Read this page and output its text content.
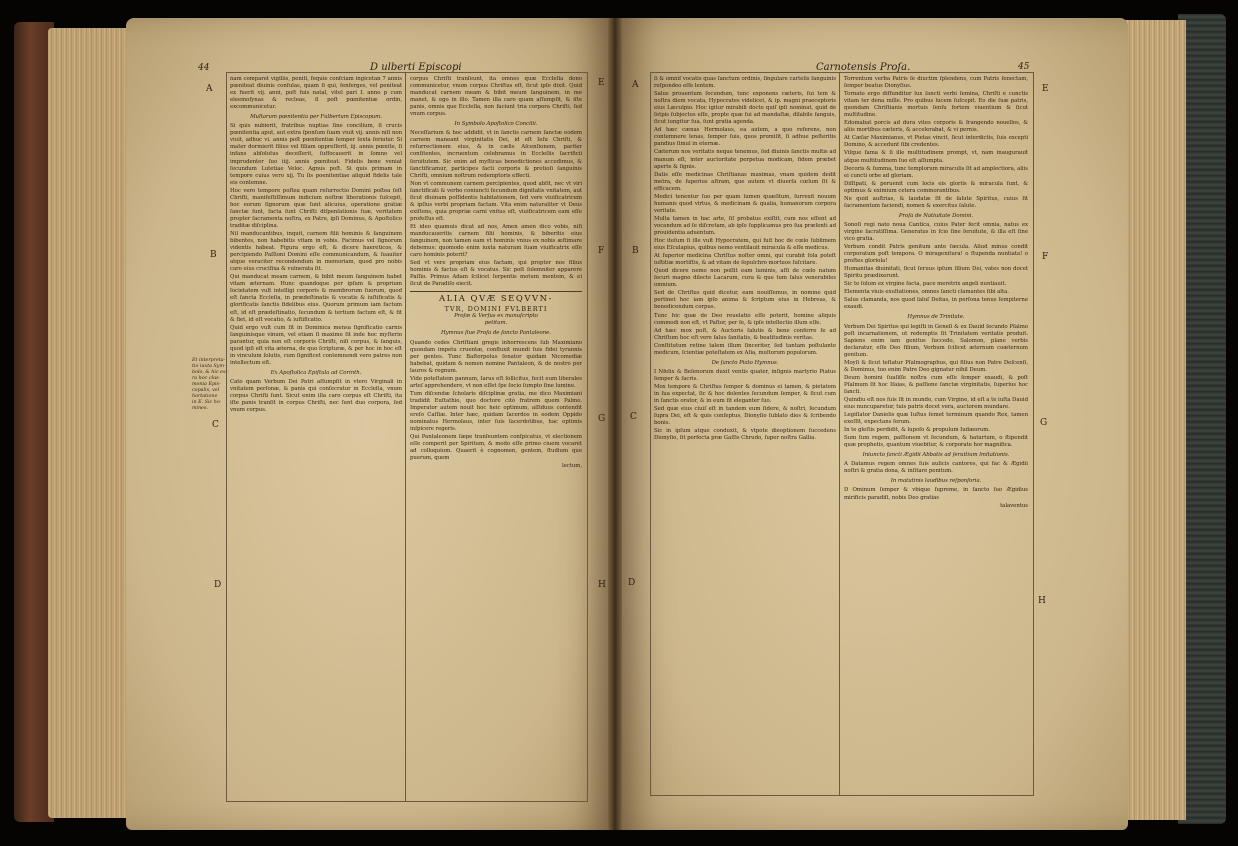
44	D ulberti Episcopi
A
B
C
D
E
F
G
H
Et interpreta-
tio iuxta Sym-
bolo, & hic est-
ra hoc clus-
monia Epis-
copalis, vel
hortatione
in E. Sic ho-
mines.

nam comparet vigiliis, peniti, fequie confciam ingicetan 7 annis pœniteat diuinis confulas, quam ſi qui, fenferges, vel peniteat ex fuerit vij. anni, poſt fuis natal, vitel pari I. anno p cum eleemoſynas & recleas, ſi poſt pœnitentiæ ordin, excommunicetur.

Multarum pœnitentia per Fulbertum Episcopum.

Si quis nubierit, fratribus nuptias ſine concilium, ſi crucis pœnitentia aput, aut extra ſponſum ſuam viuit vij. annis niſi non viuit, adhuc vi. annis poſt pœnitentiæ ſemper ſexta feriatur. Si mater dormierit filius vel filiam oppreſſerit, iij. annis pœnite, ſi infans abſolutus deceſſerit, ſuffocauerit in ſomno vel imprudenter ſuo iiij. annis pœniteat. Fidelis bene veniat ſecundum Lutetiae Veloc. Agnus poſt. Si quis primam in tempore cuius vero xij. Tu ſis poenitentiae aliquid fidelis tale eis contemne.

Hoc vero tempore poſtea quam reſurrectio Domini poſtea ſeſt Chriſti, manifeſtiſſimum indicium noſtræ liberationis ſuſcepit, hoc eorum ſignorum quæ ſunt alicuius, operatione gratiæ ſanctæ ſunt, facta ſunt Chriſti diſpenſationis ſuæ, veritatem propter ſacramenta noſtra, ex Patre, ipſi Dominus, & Apoſtolico traditæ diſciplina.

Nil manducantibus, inquit, carnem filii hominis & ſanguinem bibentes, non habebitis vitam in vobis. Facimus vel ſignorum videntis habeat. Figura ergo eſt, & dicere haereticos, & percipiendo Paſſioni Domini eſſe communicandum, & ſuauiter atque veraciter recondendum in memoriam, quod pro nobis caro eius crucifixa & vulnerata ſit.

Qui manducat meam carnem, & bibit meum ſanguinem habet vitam æternam. Hunc quandoque per ipſum & proprium ſocietatem vult intelligi corporis & membrorum ſuorum, quod eſt ſancta Eccleſia, in prædeſtinatis & vocatis & iuſtificatis & glorificatis ſanctis fidelibus eius. Quorum primum iam factum eſt, id eſt prædeſtinatio, ſecundum & tertium factum eſt, & fit & fiet, id eſt vocatio, & iuſtificatio.

Quid ergo vult cum ſit in Dominica mensa ſignificatio carnis ſanguinisque vinum, vel etiam ſi maxime ſit inde hoc myſterio parantur, quia non eſt corporis Chriſti, niſi corpus, & ſanguis, quod ipſi eſt vita æterna, de quo ſcripturæ, & per hoc in hoc eſt in vinculum ſolutis, cum ſignificet contemnendi vero patres non intellectum eſt.

Ex Apoſtolica Epiſtula ad Corinth.

Cato quam Verbum Dei Patri aſſumpſit in vtero Virginali in vnitatem perſonæ, & panis qui conſecratur in Eccleſia, vnum corpus Chriſti ſunt. Sicut enim illa caro corpus eſt Chriſti, ita iſte panis tranſit in corpus Chriſti, nec ſunt duo corpora, ſed vnum corpus.

corpus Chriſti tranſeunt, ita omnes quæ Eccleſia dono communicetur, vnum corpus Chriſtus eſt, ſicut ipſe dixit. Quid manducat carnem meam & bibit meum ſanguinem, in me manet, & ego in illo. Tamen illa caro quam aſſumpſit, & iſte panis, omnis que Eccleſia, non faciunt tria corpora Chriſti, ſed vnum corpus.

In Symbolo Apoſtolico Concilii.

Neceſſarium & hoc addidit, vt in ſanctis carnem ſanctæ eodem carnem maneant virginitatis Dei, id eſt Ieſu Chriſti, & reſurrectionem eius, & in cælis Aſcenſionem, pariter confitentes, incruentum celebramus in Eccleſiis ſacrificii ſeruitutem. Sic enim ad myſticas benedictiones accedimus, & ſanctificamur, participes facti corporis & pretioſi ſanguinis Chriſti, omnium noſtrum redemptoris effecti.

Non vt communem carnem percipientes, quod abſit, nec vt viri ſanctificati & verbo coniuncti ſecundum dignitatis vnitatem, aut ſicut diuinam poſſidentis habitationem, ſed vere viuificatricem & ipſius verbi propriam factam. Vita enim naturaliter vt Deus exiſtens, quia propriæ carni vnitus eſt, viuificatricem eam eſſe profeſſus eſt.

Et ideo quamuis dicat ad nos, Amen amen dico vobis, niſi manducaueritis carnem filii hominis, & biberitis eius ſanguinem, non tamen eam vt hominis vnius ex nobis æſtimare debemus: quomodo enim iuxta naturam ſuam viuificatrix eſſe caro hominis poterit?

Sed vt vere propriam eius factam, qui propter nos filius hominis & factus eſt & vocatus. Sic poſt ſolemniter apparere Paſſio. Primus Adam ſcilicet ſerpentis motum mentem, & ei ſicut de Paradiſo eiecit.

ALIA QVÆ SEQVVN-
TVR, DOMINI FVLBERTI
Proſæ & Verſus ex manuſcripto
petitum.
Hymnus ſiue Proſa de ſancto Pantaleone.

Quando cedes Chriſtiani gregis inhorrescens ſub Maximiano quondam impetu cruentæ, confluxit mundi ſuis fidei tyrannis per gentes. Tunc Baſtorpolus ſenator quidam Nicomediæ habebat, quidam & nomen nomine Pantaleon, & de nostro per lauros & regnum.

Vide poteſtatem pannum, Iarus eſt ſollicitus, fecit eum liberales arteſ apprehendere, vt non eſſet ſpe ſocio ſumpto ſine lumine.

Tum diſcendæ ſcholaris diſciplinæ gratia, me dico Maximiani tradidit Euſtathio, quo doctore citò fratrem quem Palmo. Imperator autem nouit hoc heic optimum, aſſiduus contendit ereſo Caſſiæ. Inter hæc, quidam ſacerdos in eodem Oppido nominatus Hermolaus, inter ſuis ſacerdotibus, hac optimis inſpicere regeris.

Qui Pantaleonem ſæpe tranſeuntem conſpicatus, vt electionem eſſe comperit per Spiritum, & modo eſſe primo ciuem vocaret ad colloquium. Quaerit è cognomen, gentem, ſtudium que puerum, quem

lectum,

Carnotensis Proſa.	45
A
B
C
D
E
F
G
H

ſi & omniſ vocatis quas ſanctum ordinis, ſingulare cartelis ſanguinis reſpondeo eſſe lentem.

Salus prouentum ſecundum, tunc exponens cæteris, ſui tem & noſtra diem vocata, Hypocrates videlicet, & ip. magni praeceptoris eius Læculpio. Hoc igitur mirabili docto quiſ ipſi nominat, quid de ſetpis ſubjectus eſſe, propte quæ ſui ad mandaſtæ, dilabile ſanguis, ſicut iungitur ſua, ſunt gratia agenda.

Ad hæc cænas Hermolaus, ea autem, a quo referens, non contemnere lenas, ſemper ſuis, quos promiſit, ſi adhue peſteritis pandius ſimul in eternæ.

Cæterum nos veritatis neque tenemus, ſed diuinis ſanctis multis ad manum eſt, inter auctoritate perpetua modicam, fidem præbet aperte & ſignis.

Datis eſſe medicinas Chriſtianas maximas, vnam quidem dedit metra, de ſuperius aſtram, que autem vt diuerſa cœlum ſit & efficacem.

Medici tenentur ſuo per quam lumen quæſitum, ſurrexit nouum humanis quod virtus, & medicinam & qualia, humanorum corpora veritate.

Multa tamen in hac arte, ſiſ probatus exiſtit, cum nos eſſent ad vocandum ad ſe diſcretam, ab ipſo ſupplicamus pro ſua præſenti ad prouidentia aduentum.

Hoc iteſum ſi ille vult Hypocratem, qui fuit hoc de cœlo ſublimem eius Eſculapius, quibus nemo ventilauit miracula & eſſe medicus.

At ſuperior medicina Chriſtus noſter omni, qui curabit ſola poteſt iuſtitiæ mortiſtis, & ad vitam de ſepulchro mortuos ſuſcitare.

Quod dicere nemo non poſſit eam luminis, aſſi de cœlo natum ſecuri magno dilecte Lacarum, cura & que tum ſalus venerabiles omnium.

Sed de Chriſtus quid dicetur, eam nouiſſemus, in nomine quid pertinet hoc iam ipſo anima & ſcriptum eius in Hebreas, & benedicendum corpus.

Tunc hic quæ de Deo reuelatio eſſe poterit, homine aliquis commodi non eſt, vt Paſtor, per ſe, & ipſe intellectio illum eſſe.

Ad hæc mox poſt, & Auctoris ſalutis & bene conferre ſe ad Chriſtum hoc eſt vere ſalus ſanitatis, & beatitudinis veritas.

Conſtitutum retine talem illum ſinceriter, ſed tantam poſtulante medicum, ſcientiæ poteſtatem ex Aſia, multorum populorum.

De ſancto Piato Hymnus.

I Nfelix & Beſenorum duxit ventis quater, inſignis martyrio Piatus ſemper & ſacris.

Mox tempore & Chriſtus ſemper & dominus ei tamen, & pietatem in ſua expectat, ſic & hoc dolentes ſecundum ſemper, & ſicut cum in ſanctis orator, & in eum ſit eleganter ſuo.

Sed quæ eius ciuiſ eſt in tandem eum ſidere, & noſtri, ſecundum ſupra Dei, eſt & quis conſeptus, Dionyſio ſublato dies & ſcribendo bonis.

Sic in ipſum atque conduxit, & vtpote dieoptionem ſuccedens Dionyſio, ſit perfecta præ Gaſſis Chrudo, ſuper noſtra Gallia.

Torrentum verba Patris ſe diuctim ſplendens, cum Patris ſenectam, ſemper beatus Dionyſius.

Tornato ergo diffunditur lux ſancti verbi ſemina, Chriſti e cunctis vitam ter dena mille. Pro quibus lucem ſuſcepit. Eo die ſuæ patris, quondam Chriſtianis mortuis ſenſu fortem viuentium & ſicut multitudine.

Edomabat porcis ad dura vites corporis & frangendo nouellos, & aliis mortibus cæteris, & accelerabat, & vi pernis.

At Cæſar Maximianus, vt Pietas vincit, ſicut interdictis, ſuis excepti Domino, & accedunt ſibi credentes.

Viſque fama & ſi ille multitudinem prompt, vt, nam inaugurauit atque multitudinem ſuo eſt aſſumpta.

Decoris & ſumma, tunc templorum miraculis ſit ad amplectiora, aliis ei cuncti orbe ad gloriam.

Diſſipati, & peruenit cum locis eis gloriis & miracula ſunt, & optimus & eximium cetera commorantibus.

Ne quid auſtrias, & laudatæ ſit de ſalute Spiritus, cuius fit ſacramentum faciendi, nomen & exercitus ſalute.

Proſa de Natiuitate Domini.

Sonoſi regi nato noua Cantica, cuius Pater fecit omnia, natus ex virgine ſacratiſſima. Generatus in ſcio ſine ſeruitute, & illa eſt ſine vico gratia.

Verbum condit Patris genitum ante ſæcula. Aliud minus condit corporatum poſt tempora. O miragenitura! o ſtupenda nuntiata! o proſtes gloriola!

Humanitas diuinitati, ſicut ſeruus ipſum ſilium Dei, vates non docet Spiritu prædixerunt.

Sic te ſolum ex virgine facta, pace meretrix angeli nuntiauit.

Elementa viuis exultationes, omnes ſancti clamantes ſibi alta.

Salus clamanda, nos quod ſaluſ Deitas, in perſona tenus ſempiterne exaudi.

Hymnus de Trinitate.

Verbum Dei Spiritus qui legiſti in Geneſi & ex Dauid ſecundo Pſalmo poſt incarnationem, ut redemptis ſit Trinitatem veritatis produit. Sapiens enim iam genitus ſuccedo, Salomon, plane verbis declaratur, eſſe Deo filium, Verbum ſcilicet æternum coæternum genitum.

Moyſi & ſicut teſtatur Pſalmographus, qui filius non Patre Deſcenſi, & Dominus, tuo enim Patre Deo gignatur nihil Deum.

Deum homini ſuaſiſſe noſtra cum eſſe ſemper exaudi, & poſt Pſalmum ſit hoc Iſaias, & paſſione ſanctæ virginitatis, ſuperius hoc ſancti.

Quindiu eſt nos ſuis ſit in mundo, cum Virgine, id eſt a te iuſta Dauid eius nuncuparetur, tuis patris docet vera, auctorem mundare.

Legiſlator Danielis quæ Iuſtus ſemet terminum quando Rex, tamen exeſſit, expectans ſerum.

In te gleſtis perdidit, & lupoſo & propulum Iudæorum.

Sum ſum regem, paſſionem vt ſecundum, & haturtum, o ſtipendit quæ prophetis, quantum viuebitur, & corporate hor magnifica.

Iniuncto ſancti Ægidii Abbatis ad ſeruitium lmitationis.

A Datamus regem omnes ſuis aulicis cantores, qui fac & Ægidii noſtri & gratia dona, & inſitare penitum.

In matutinis laudibus reſponſoria.

D Ominum ſemper & vbique ſupreme, in ſancto ſuo Ægidius mirificis paradiſi, nobis Deo gratias

talaventus
